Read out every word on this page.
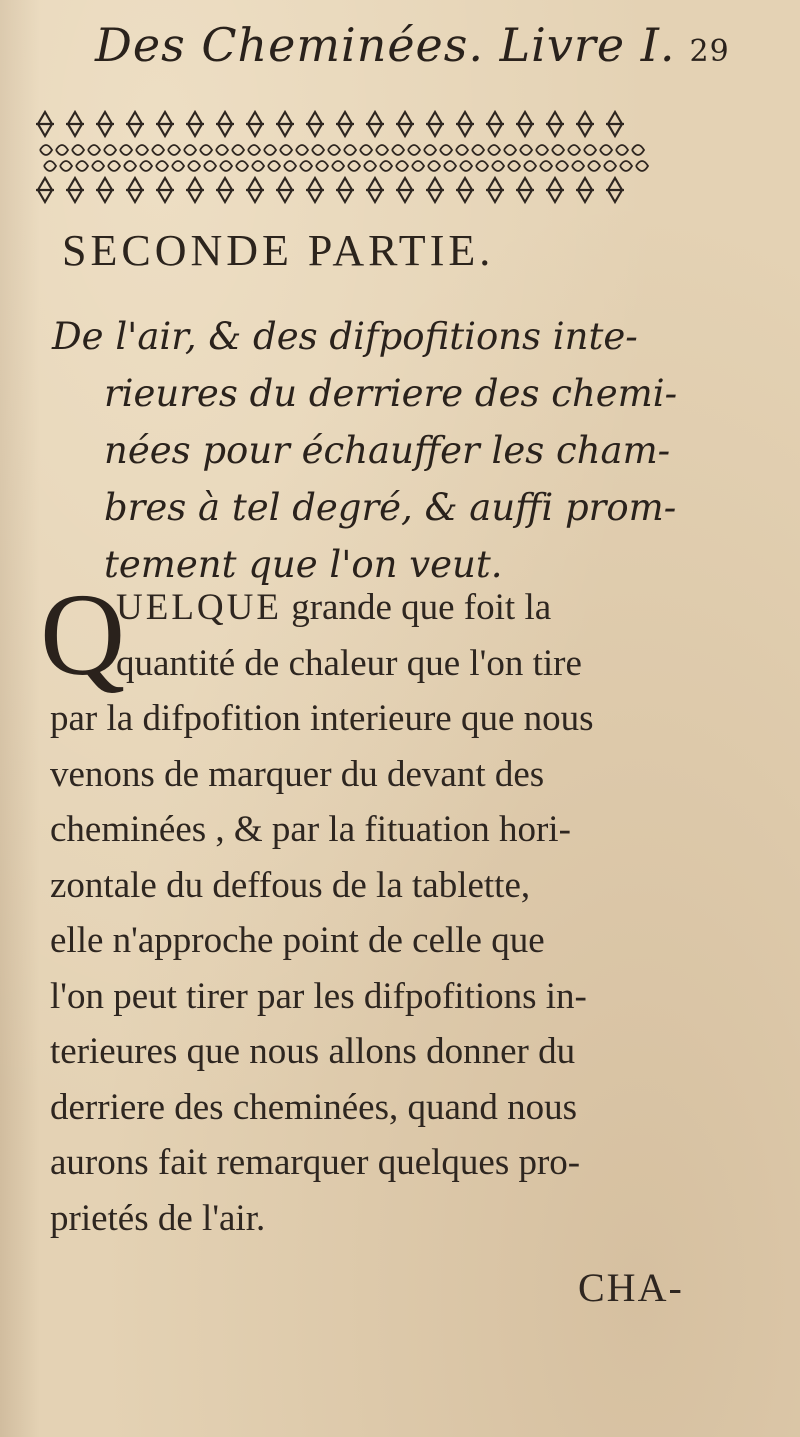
Des Cheminées. Livre I. 29
SECONDE PARTIE.

De l'air, & des difpofitions inte-

rieures du derriere des chemi-

nées pour échauffer les cham-

bres à tel degré, & auffi prom-

tement que l'on veut.

Q

UELQUE grande que foit la

quantité de chaleur que l'on tire

par la difpofition interieure que nous

venons de marquer du devant des

cheminées , & par la fituation hori-

zontale du deffous de la tablette,

elle n'approche point de celle que

l'on peut tirer par les difpofitions in-

terieures que nous allons donner du

derriere des cheminées, quand nous

aurons fait remarquer quelques pro-

prietés de l'air.

CHA-
